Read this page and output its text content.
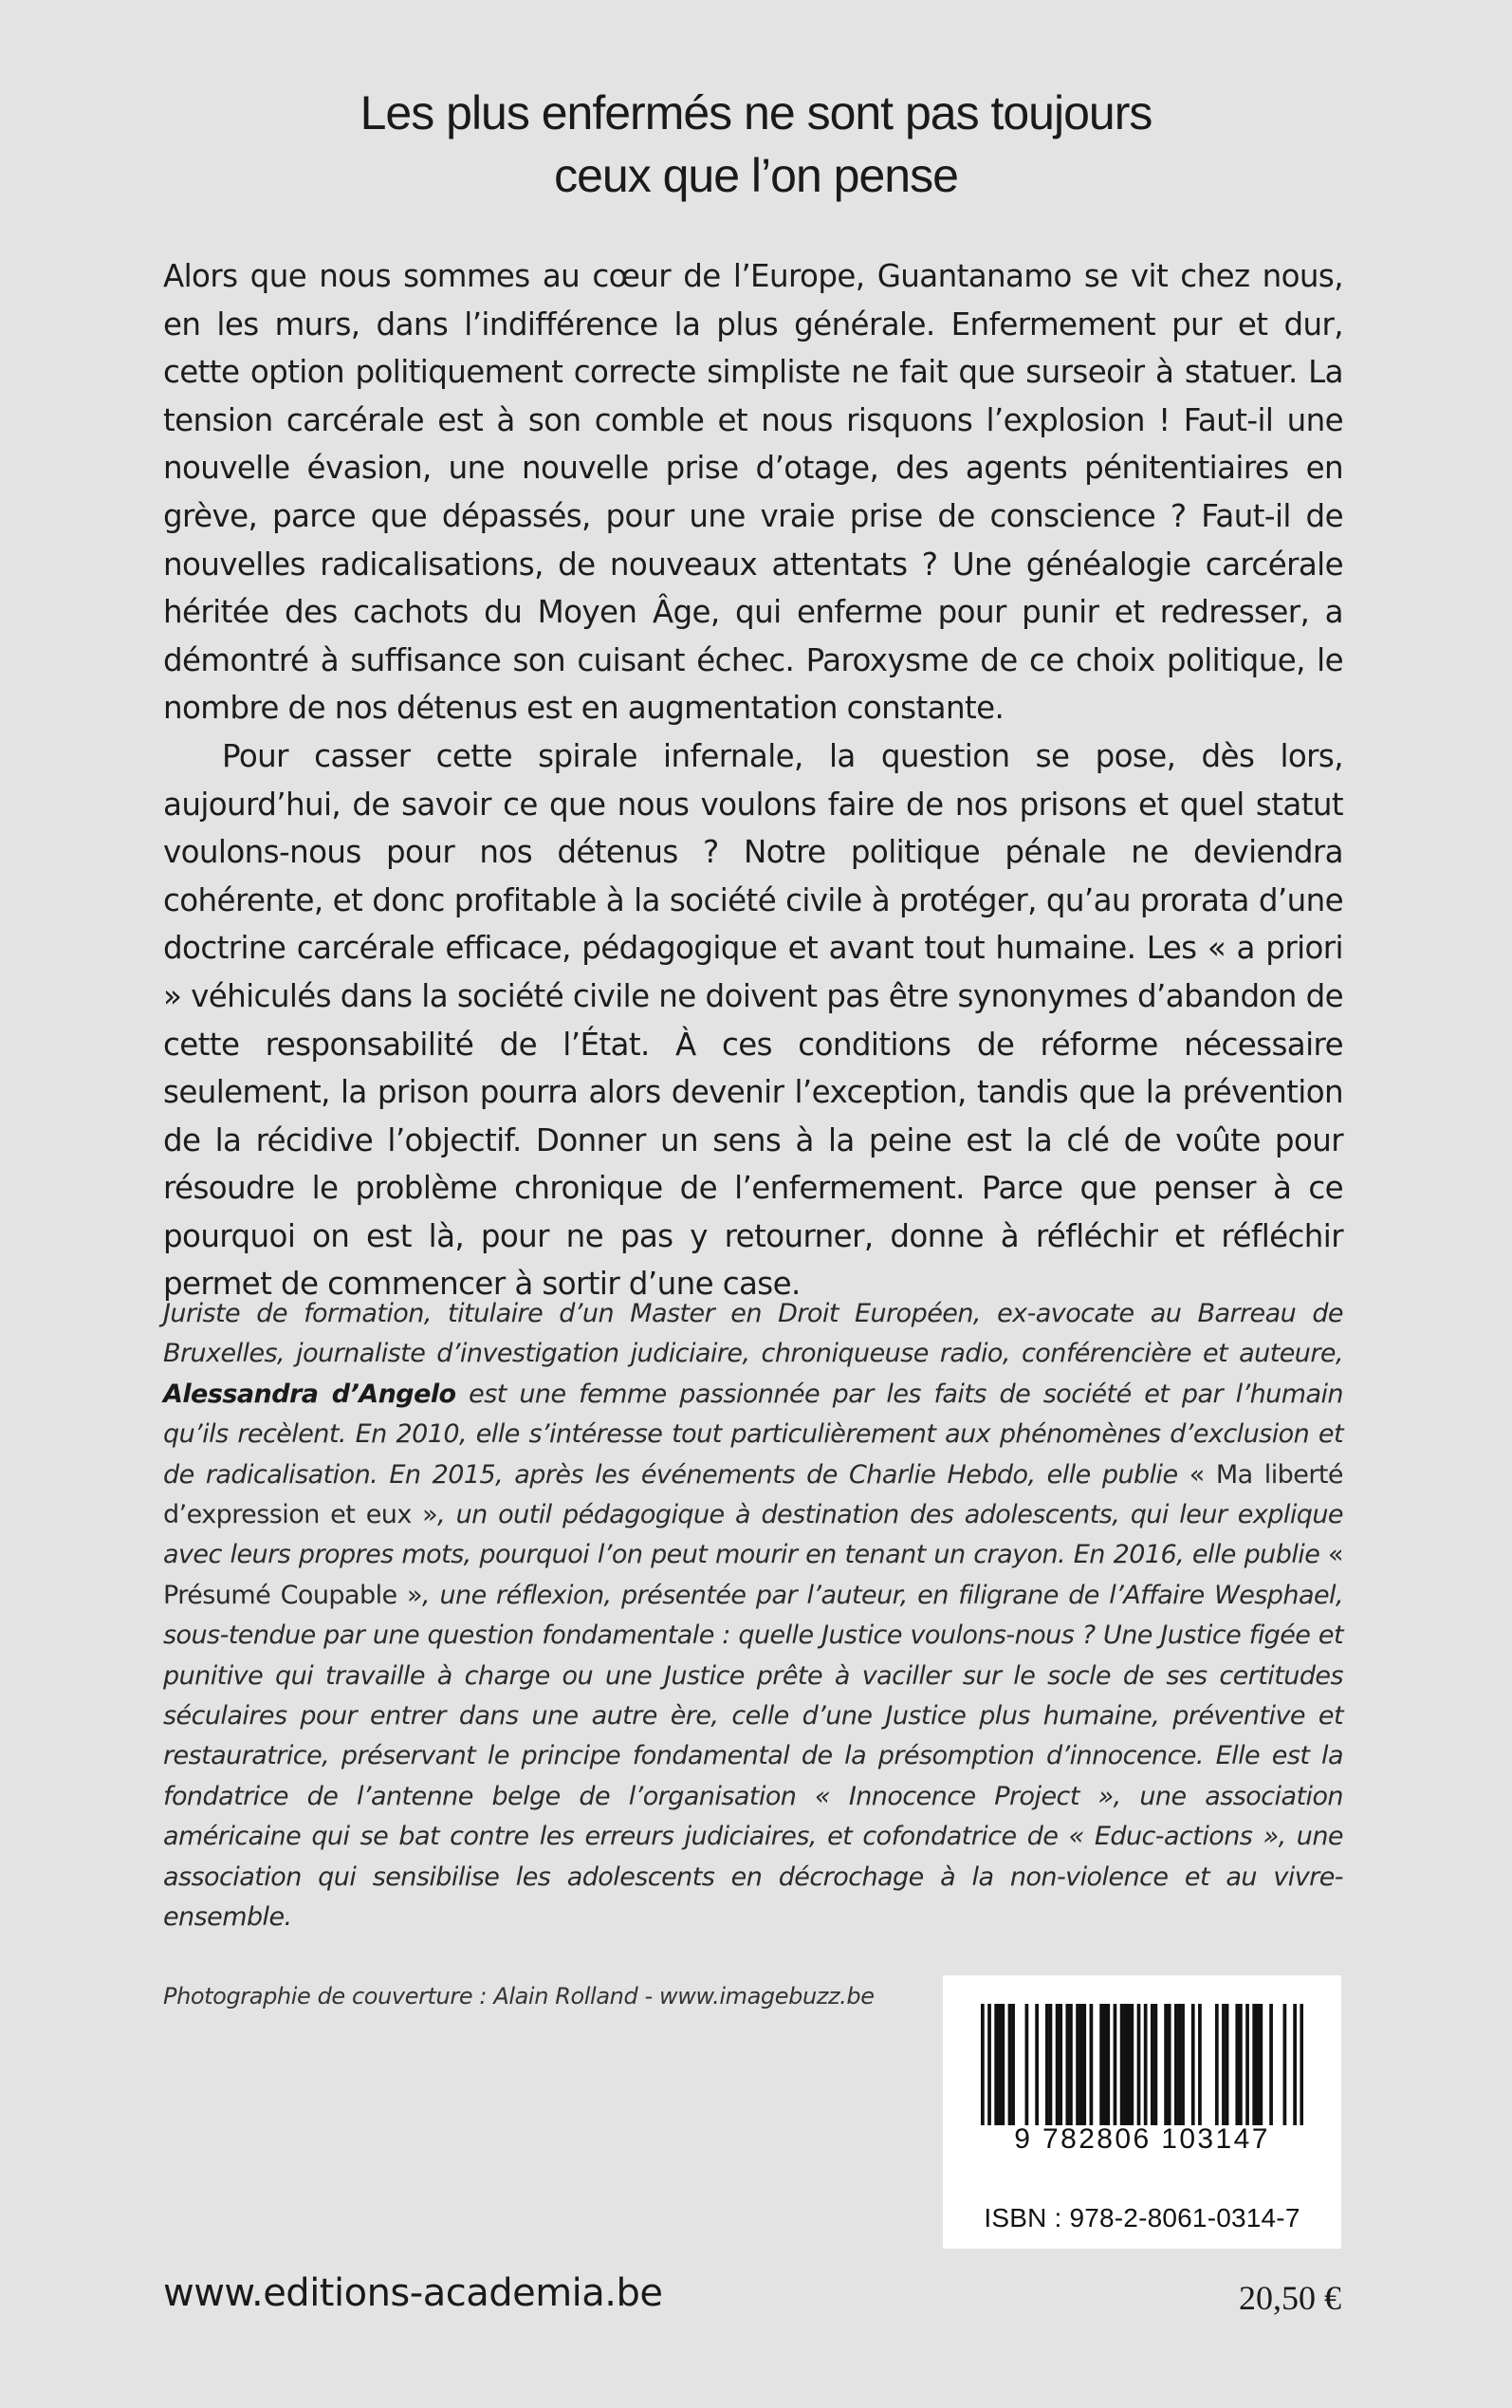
Les plus enfermés ne sont pas toujours
ceux que l’on pense

Alors que nous sommes au cœur de l’Europe, Guantanamo se vit chez nous, en les murs, dans l’indifférence la plus générale. Enfermement pur et dur, cette option politiquement correcte simpliste ne fait que surseoir à statuer. La tension carcérale est à son comble et nous risquons l’explosion ! Faut-il une nouvelle évasion, une nouvelle prise d’otage, des agents pénitentiaires en grève, parce que dépassés, pour une vraie prise de conscience ? Faut-il de nouvelles radicalisations, de nouveaux attentats ? Une généalogie carcérale héritée des cachots du Moyen Âge, qui enferme pour punir et redresser, a démontré à suffisance son cuisant échec. Paroxysme de ce choix politique, le nombre de nos détenus est en augmentation constante.

Pour casser cette spirale infernale, la question se pose, dès lors, aujourd’hui, de savoir ce que nous voulons faire de nos prisons et quel statut voulons-nous pour nos détenus ? Notre politique pénale ne deviendra cohérente, et donc profitable à la société civile à protéger, qu’au prorata d’une doctrine carcérale efficace, pédagogique et avant tout humaine. Les « a priori » véhiculés dans la société civile ne doivent pas être synonymes d’abandon de cette responsabilité de l’État. À ces conditions de réforme nécessaire seulement, la prison pourra alors devenir l’exception, tandis que la prévention de la récidive l’objectif. Donner un sens à la peine est la clé de voûte pour résoudre le problème chronique de l’enfermement. Parce que penser à ce pourquoi on est là, pour ne pas y retourner, donne à réfléchir et réfléchir permet de commencer à sortir d’une case.

Juriste de formation, titulaire d’un Master en Droit Européen, ex-avocate au Barreau de Bruxelles, journaliste d’investigation judiciaire, chroniqueuse radio, conférencière et auteure, Alessandra d’Angelo est une femme passionnée par les faits de société et par l’humain qu’ils recèlent. En 2010, elle s’intéresse tout particulièrement aux phénomènes d’exclusion et de radicalisation. En 2015, après les événements de Charlie Hebdo, elle publie « Ma liberté d’expression et eux », un outil pédagogique à destination des adolescents, qui leur explique avec leurs propres mots, pourquoi l’on peut mourir en tenant un crayon. En 2016, elle publie « Présumé Coupable », une réflexion, présentée par l’auteur, en filigrane de l’Affaire Wesphael, sous-tendue par une question fondamentale : quelle Justice voulons-nous ? Une Justice figée et punitive qui travaille à charge ou une Justice prête à vaciller sur le socle de ses certitudes séculaires pour entrer dans une autre ère, celle d’une Justice plus humaine, préventive et restauratrice, préservant le principe fondamental de la présomption d’innocence. Elle est la fondatrice de l’antenne belge de l’organisation « Innocence Project », une association américaine qui se bat contre les erreurs judiciaires, et cofondatrice de « Educ-actions », une association qui sensibilise les adolescents en décrochage à la non-violence et au vivre-ensemble.

Photographie de couverture : Alain Rolland - www.imagebuzz.be
9 782806 103147
ISBN : 978-2-8061-0314-7
www.editions-academia.be	20,50 €
